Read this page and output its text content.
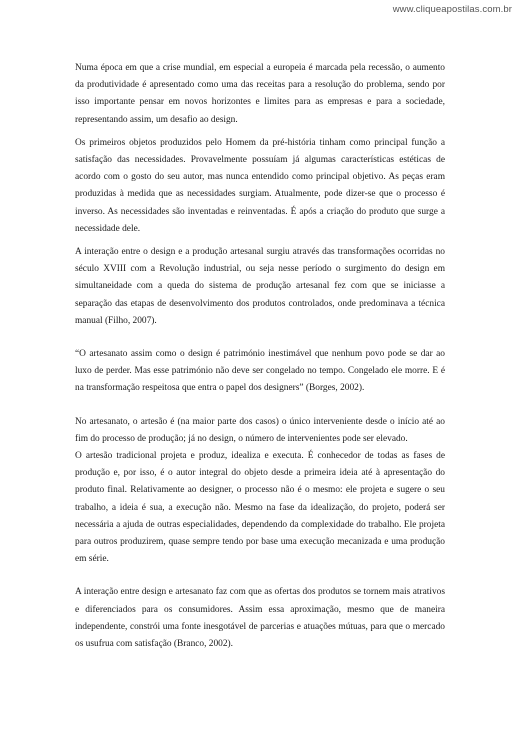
www.cliqueapostilas.com.br

Numa época em que a crise mundial, em especial a europeia é marcada pela recessão, o aumento da produtividade é apresentado como uma das receitas para a resolução do problema, sendo por isso importante pensar em novos horizontes e limites para as empresas e para a sociedade, representando assim, um desafio ao design.

Os primeiros objetos produzidos pelo Homem da pré-história tinham como principal função a satisfação das necessidades. Provavelmente possuíam já algumas características estéticas de acordo com o gosto do seu autor, mas nunca entendido como principal objetivo. As peças eram produzidas à medida que as necessidades surgiam. Atualmente, pode dizer-se que o processo é inverso. As necessidades são inventadas e reinventadas. É após a criação do produto que surge a necessidade dele.

A interação entre o design e a produção artesanal surgiu através das transformações ocorridas no século XVIII com a Revolução industrial, ou seja nesse período o surgimento do design em simultaneidade com a queda do sistema de produção artesanal fez com que se iniciasse a separação das etapas de desenvolvimento dos produtos controlados, onde predominava a técnica manual (Filho, 2007).

“O artesanato assim como o design é património inestimável que nenhum povo pode se dar ao luxo de perder. Mas esse património não deve ser congelado no tempo. Congelado ele morre. E é na transformação respeitosa que entra o papel dos designers” (Borges, 2002).

No artesanato, o artesão é (na maior parte dos casos) o único interveniente desde o início até ao fim do processo de produção; já no design, o número de intervenientes pode ser elevado.

O artesão tradicional projeta e produz, idealiza e executa. É conhecedor de todas as fases de produção e, por isso, é o autor integral do objeto desde a primeira ideia até à apresentação do produto final. Relativamente ao designer, o processo não é o mesmo: ele projeta e sugere o seu trabalho, a ideia é sua, a execução não. Mesmo na fase da idealização, do projeto, poderá ser necessária a ajuda de outras especialidades, dependendo da complexidade do trabalho. Ele projeta para outros produzirem, quase sempre tendo por base uma execução mecanizada e uma produção em série.

A interação entre design e artesanato faz com que as ofertas dos produtos se tornem mais atrativos e diferenciados para os consumidores. Assim essa aproximação, mesmo que de maneira independente, constrói uma fonte inesgotável de parcerias e atuações mútuas, para que o mercado os usufrua com satisfação (Branco, 2002).
